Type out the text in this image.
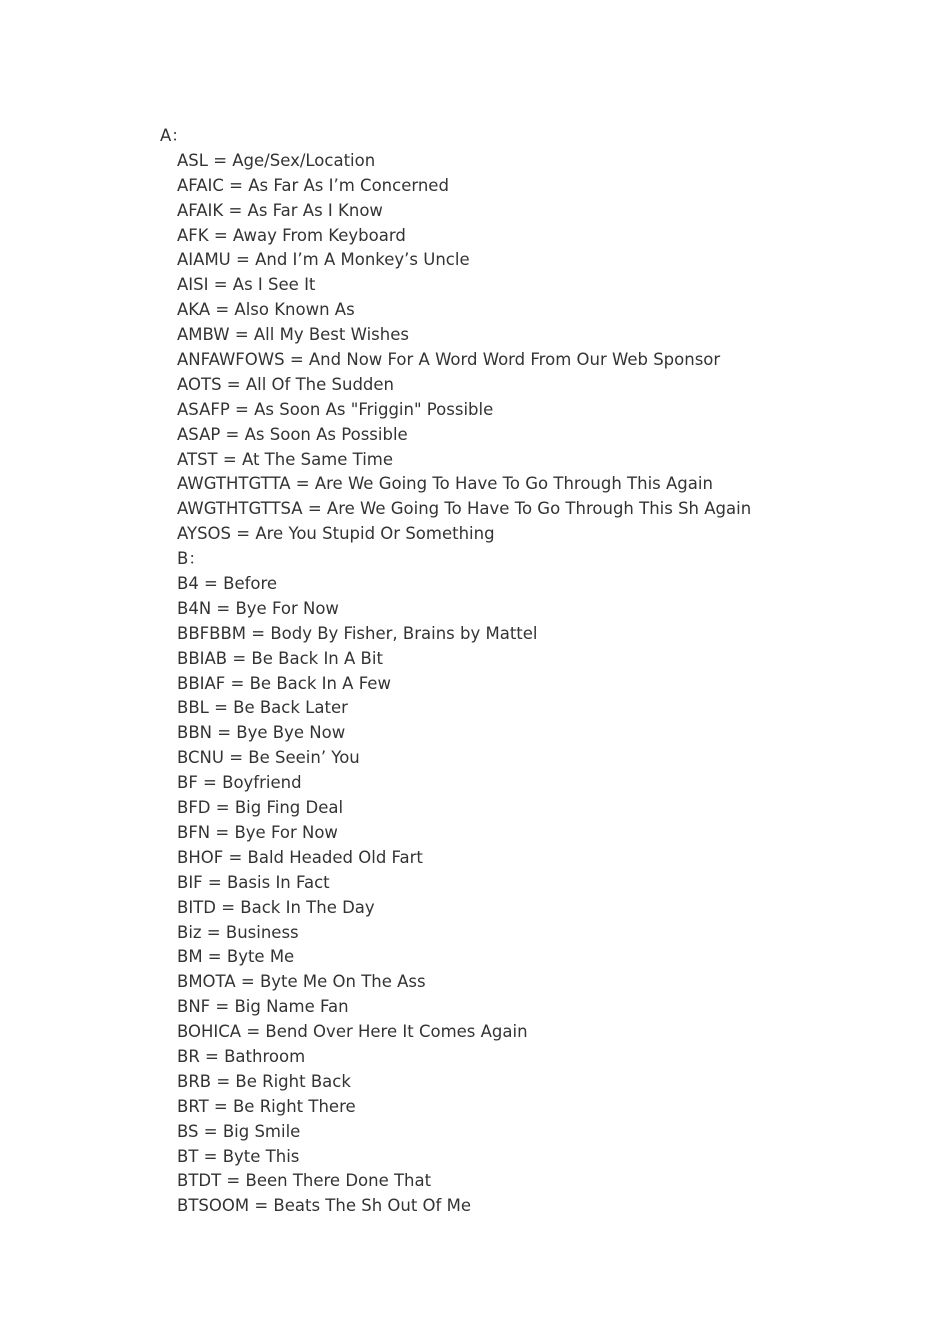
A：
ASL = Age/Sex/Location
AFAIC = As Far As I’m Concerned
AFAIK = As Far As I Know
AFK = Away From Keyboard
AIAMU = And I’m A Monkey’s Uncle
AISI = As I See It
AKA = Also Known As
AMBW = All My Best Wishes
ANFAWFOWS = And Now For A Word Word From Our Web Sponsor
AOTS = All Of The Sudden
ASAFP = As Soon As "Friggin" Possible
ASAP = As Soon As Possible
ATST = At The Same Time
AWGTHTGTTA = Are We Going To Have To Go Through This Again
AWGTHTGTTSA = Are We Going To Have To Go Through This Sh Again
AYSOS = Are You Stupid Or Something
B：
B4 = Before
B4N = Bye For Now
BBFBBM = Body By Fisher, Brains by Mattel
BBIAB = Be Back In A Bit
BBIAF = Be Back In A Few
BBL = Be Back Later
BBN = Bye Bye Now
BCNU = Be Seein’ You
BF = Boyfriend
BFD = Big Fing Deal
BFN = Bye For Now
BHOF = Bald Headed Old Fart
BIF = Basis In Fact
BITD = Back In The Day
Biz = Business
BM = Byte Me
BMOTA = Byte Me On The Ass
BNF = Big Name Fan
BOHICA = Bend Over Here It Comes Again
BR = Bathroom
BRB = Be Right Back
BRT = Be Right There
BS = Big Smile
BT = Byte This
BTDT = Been There Done That
BTSOOM = Beats The Sh Out Of Me
